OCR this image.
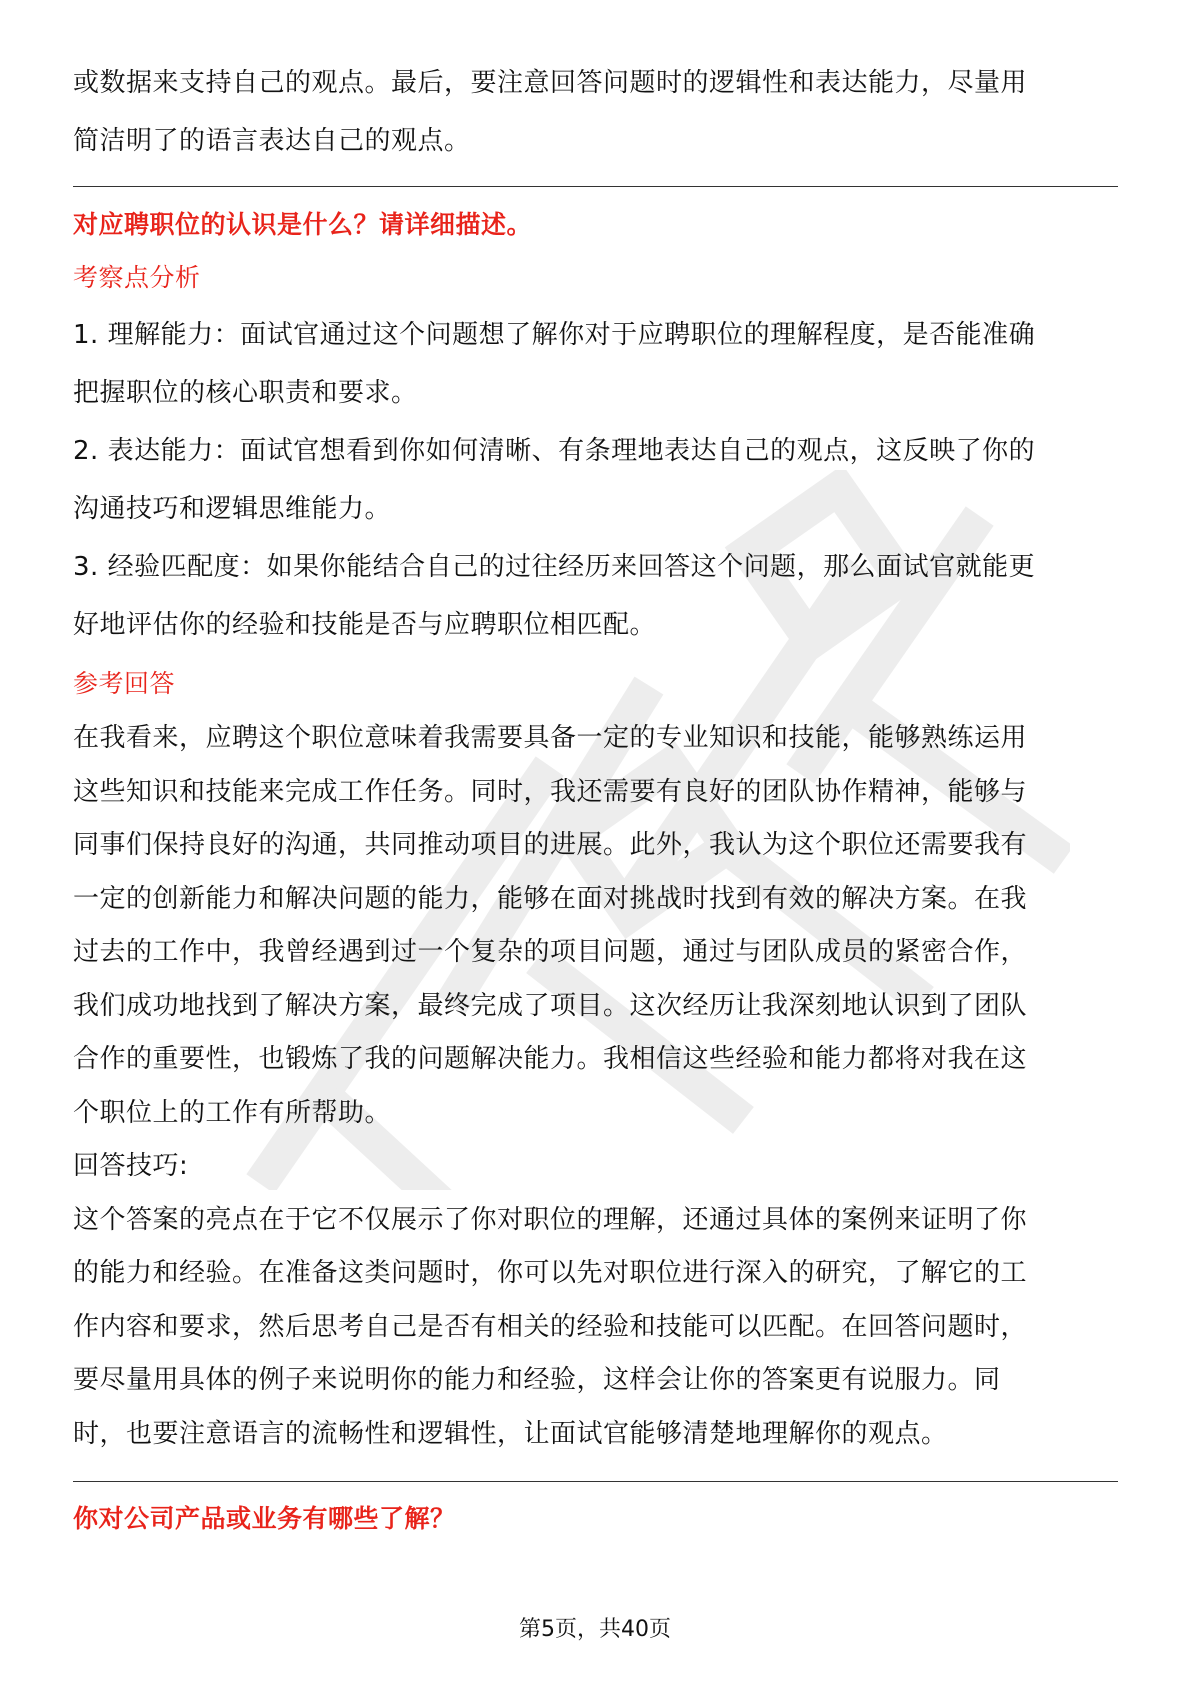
或数据来支持自己的观点。最后，要注意回答问题时的逻辑性和表达能力，尽量用

简洁明了的语言表达自己的观点。

对应聘职位的认识是什么？请详细描述。

考察点分析

1. 理解能力：面试官通过这个问题想了解你对于应聘职位的理解程度，是否能准确

把握职位的核心职责和要求。

2. 表达能力：面试官想看到你如何清晰、有条理地表达自己的观点，这反映了你的

沟通技巧和逻辑思维能力。

3. 经验匹配度：如果你能结合自己的过往经历来回答这个问题，那么面试官就能更

好地评估你的经验和技能是否与应聘职位相匹配。

参考回答

在我看来，应聘这个职位意味着我需要具备一定的专业知识和技能，能够熟练运用

这些知识和技能来完成工作任务。同时，我还需要有良好的团队协作精神，能够与

同事们保持良好的沟通，共同推动项目的进展。此外，我认为这个职位还需要我有

一定的创新能力和解决问题的能力，能够在面对挑战时找到有效的解决方案。在我

过去的工作中，我曾经遇到过一个复杂的项目问题，通过与团队成员的紧密合作，

我们成功地找到了解决方案，最终完成了项目。这次经历让我深刻地认识到了团队

合作的重要性，也锻炼了我的问题解决能力。我相信这些经验和能力都将对我在这

个职位上的工作有所帮助。

回答技巧:

这个答案的亮点在于它不仅展示了你对职位的理解，还通过具体的案例来证明了你

的能力和经验。在准备这类问题时，你可以先对职位进行深入的研究，了解它的工

作内容和要求，然后思考自己是否有相关的经验和技能可以匹配。在回答问题时，

要尽量用具体的例子来说明你的能力和经验，这样会让你的答案更有说服力。同

时，也要注意语言的流畅性和逻辑性，让面试官能够清楚地理解你的观点。

你对公司产品或业务有哪些了解？

第5页，共40页
